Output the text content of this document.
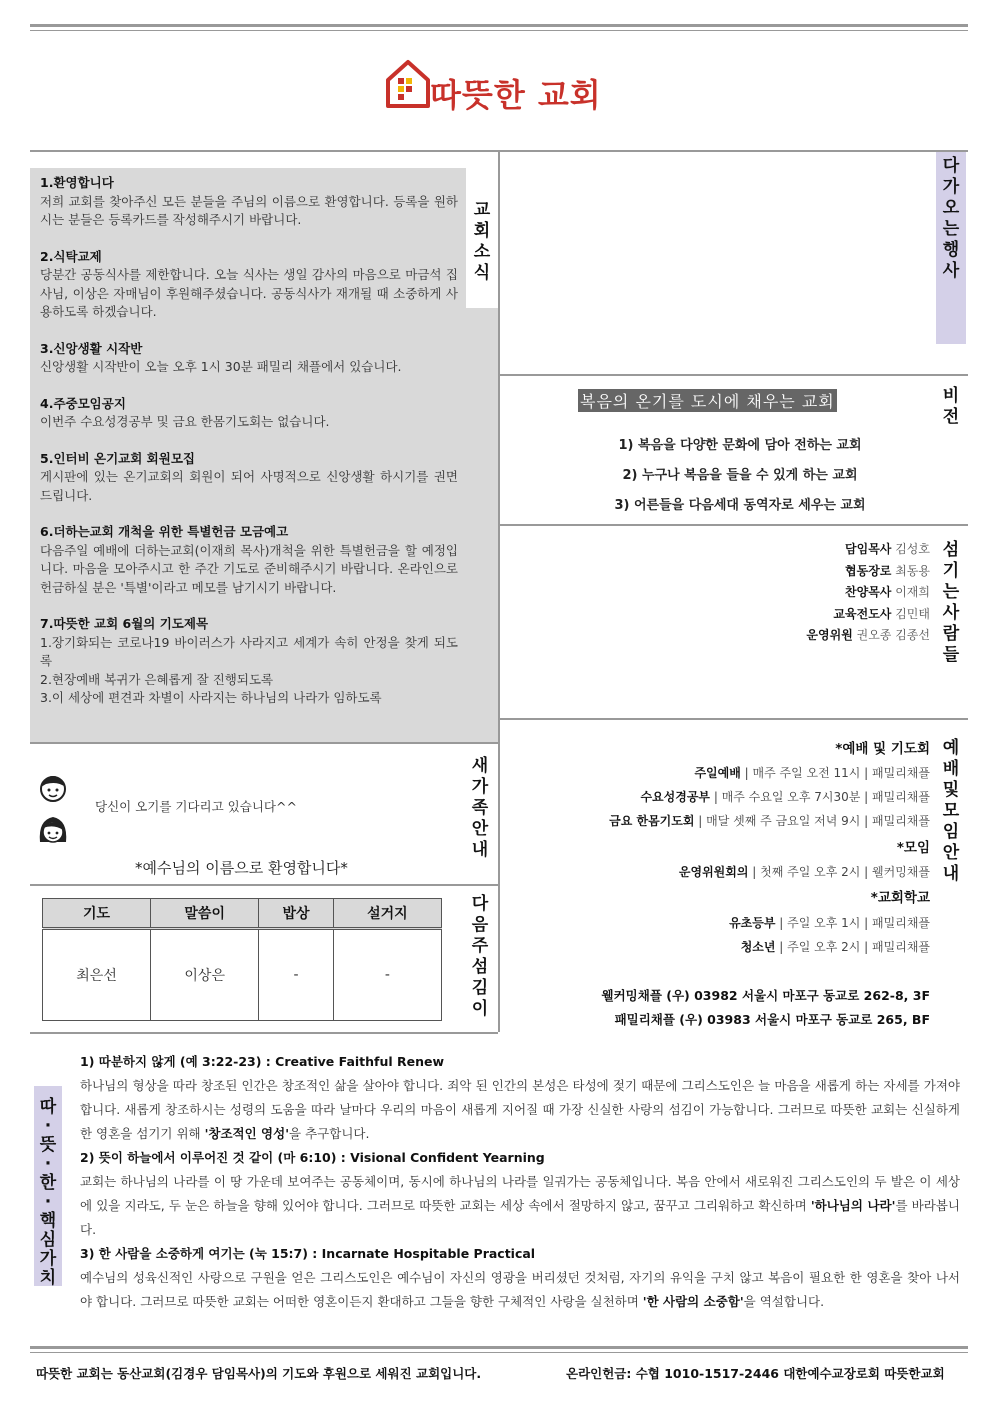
따뜻한 교회
1.환영합니다

저희 교회를 찾아주신 모든 분들을 주님의 이름으로 환영합니다. 등록을 원하시는 분들은 등록카드를 작성해주시기 바랍니다.

2.식탁교제

당분간 공동식사를 제한합니다. 오늘 식사는 생일 감사의 마음으로 마금석 집사님, 이상은 자매님이 후원해주셨습니다. 공동식사가 재개될 때 소중하게 사용하도록 하겠습니다.

3.신앙생활 시작반

신앙생활 시작반이 오늘 오후 1시 30분 패밀리 채플에서 있습니다.

4.주중모임공지

이번주 수요성경공부 및 금요 한몸기도회는 없습니다.

5.인터비 온기교회 회원모집

게시판에 있는 온기교회의 회원이 되어 사명적으로 신앙생활 하시기를 권면 드립니다.

6.더하는교회 개척을 위한 특별헌금 모금예고

다음주일 예배에 더하는교회(이재희 목사)개척을 위한 특별헌금을 할 예정입니다. 마음을 모아주시고 한 주간 기도로 준비해주시기 바랍니다. 온라인으로 헌금하실 분은 '특별'이라고 메모를 남기시기 바랍니다.

7.따뜻한 교회 6월의 기도제목

1.장기화되는 코로나19 바이러스가 사라지고 세계가 속히 안정을 찾게 되도록
2.현장예배 복귀가 은혜롭게 잘 진행되도록
3.이 세상에 편견과 차별이 사라지는 하나님의 나라가 임하도록

교
회
소
식
다
가
오
는
행
사
복음의 온기를 도시에 채우는 교회
1) 복음을 다양한 문화에 담아 전하는 교회
2) 누구나 복음을 들을 수 있게 하는 교회
3) 어른들을 다음세대 동역자로 세우는 교회
비
전
담임목사 김성호
협동장로 최동용
찬양목사 이재희
교육전도사 김민태
운영위원 권오종 김종선
섬
기
는
사
람
들
*예배 및 기도회
주일예배 | 매주 주일 오전 11시 | 패밀리채플
수요성경공부 | 매주 수요일 오후 7시30분 | 패밀리채플
금요 한몸기도회 | 매달 셋째 주 금요일 저녁 9시 | 패밀리채플
*모임
운영위원회의 | 첫째 주일 오후 2시 | 웰커밍채플
*교회학교
유초등부 | 주일 오후 1시 | 패밀리채플
청소년 | 주일 오후 2시 | 패밀리채플
웰커밍채플 (우) 03982 서울시 마포구 동교로 262-8, 3F
패밀리채플 (우) 03983 서울시 마포구 동교로 265, BF
예
배
및
모
임
안
내
당신이 오기를 기다리고 있습니다^^
*예수님의 이름으로 환영합니다*
새
가
족
안
내
기도	말씀이	밥상	설거지
최은선	이상은	-	-
다
음
주
섬
김
이
따
·
뜻
·
한
·
핵
심
가
치
1) 따분하지 않게 (예 3:22-23) : Creative Faithful Renew

하나님의 형상을 따라 창조된 인간은 창조적인 삶을 살아야 합니다. 죄악 된 인간의 본성은 타성에 젖기 때문에 그리스도인은 늘 마음을 새롭게 하는 자세를 가져야합니다. 새롭게 창조하시는 성령의 도움을 따라 날마다 우리의 마음이 새롭게 지어질 때 가장 신실한 사랑의 섬김이 가능합니다. 그러므로 따뜻한 교회는 신실하게 한 영혼을 섬기기 위해 '창조적인 영성'을 추구합니다.

2) 뜻이 하늘에서 이루어진 것 같이 (마 6:10) : Visional Confident Yearning

교회는 하나님의 나라를 이 땅 가운데 보여주는 공동체이며, 동시에 하나님의 나라를 일궈가는 공동체입니다. 복음 안에서 새로워진 그리스도인의 두 발은 이 세상에 있을 지라도, 두 눈은 하늘을 향해 있어야 합니다. 그러므로 따뜻한 교회는 세상 속에서 절망하지 않고, 꿈꾸고 그리워하고 확신하며 '하나님의 나라'를 바라봅니다.

3) 한 사람을 소중하게 여기는 (눅 15:7) : Incarnate Hospitable Practical

예수님의 성육신적인 사랑으로 구원을 얻은 그리스도인은 예수님이 자신의 영광을 버리셨던 것처럼, 자기의 유익을 구치 않고 복음이 필요한 한 영혼을 찾아 나서야 합니다. 그러므로 따뜻한 교회는 어떠한 영혼이든지 환대하고 그들을 향한 구체적인 사랑을 실천하며 '한 사람의 소중함'을 역설합니다.

따뜻한 교회는 동산교회(김경우 담임목사)의 기도와 후원으로 세워진 교회입니다.	온라인헌금: 수협 1010-1517-2446 대한예수교장로회 따뜻한교회
